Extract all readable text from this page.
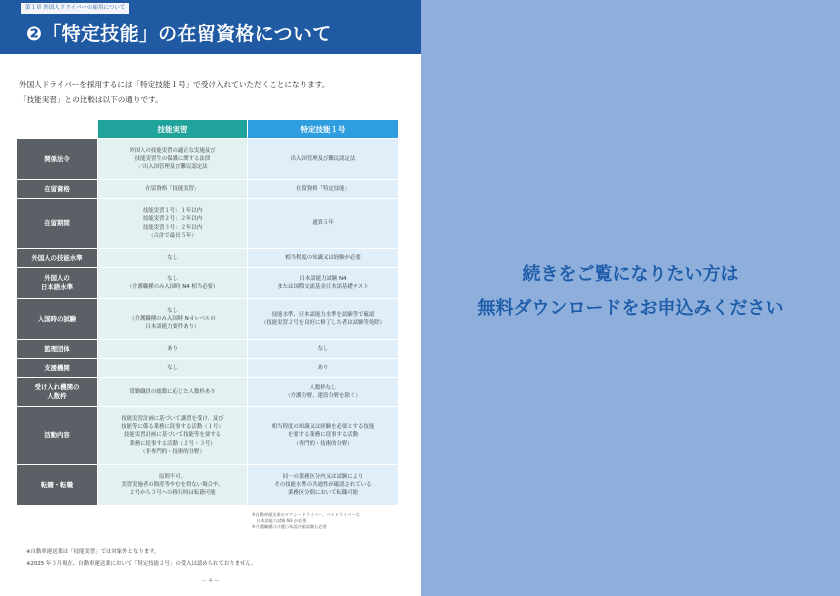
第１章 外国人ドライバーの雇用について
❷「特定技能」の在留資格について

外国人ドライバーを採用するには「特定技能１号」で受け入れていただくことになります。

「技能実習」との比較は以下の通りです。

	技能実習	特定技能１号
関係法令	外国人の技能実習の適正な実施及び
技能実習生の保護に関する法律
／出入国管理及び難民認定法	出入国管理及び難民認定法
在留資格	在留資格「技能実習」	在留資格「特定技能」
在留期間	技能実習１号：１年以内
技能実習２号：２年以内
技能実習３号：２年以内
（合計で最長５年）	通算５年
外国人の技能水準	なし	相当程度の知識又は経験が必要
外国人の
日本語水準	なし
（介護職種のみ入国時 N4 相当必要）	日本語能力試験 N4
または国際交流基金日本語基礎テスト
入国時の試験	なし
（介護職種のみ入国時 N４レベルの
日本語能力要件あり）	技能水準、日本語能力水準を試験等で確認
（技能実習２号を良好に修了した者は試験等免除）
監理団体	あり	なし
支援機関	なし	あり
受け入れ機関の
人数枠	常勤職員の総数に応じた人数枠あり	人数枠なし
（介護分野、建設分野を除く）
活動内容	技能実習計画に基づいて講習を受け、及び
技能等に係る業務に従事する活動（１号）
技能実習計画に基づいて技能等を要する
業務に従事する活動（２号・３号）
（非専門的・技術的分野）	相当程度の知識又は経験を必要とする技能
を要する業務に従事する活動
（専門的・技術的分野）
転籍・転職	原則不可。
実習実施者の倒産等やむを得ない場合や、
２号から３号への移行時は転籍可能	同一の業務区分内又は試験により
その技能水準の共通性が確認されている
業務区分間において転職可能
※自動車運送業のタクシードライバー、バスドライバーは
　日本語能力試験 N3 が必要
※介護職種は介護日本語評価試験も必要

※自動車運送業は「技能実習」では対象外となります。

※2025 年３月現在、自動車運送業において「特定技能２号」の受入は認められておりません。

— 4 —
続きをご覧になりたい方は
無料ダウンロードをお申込みください
